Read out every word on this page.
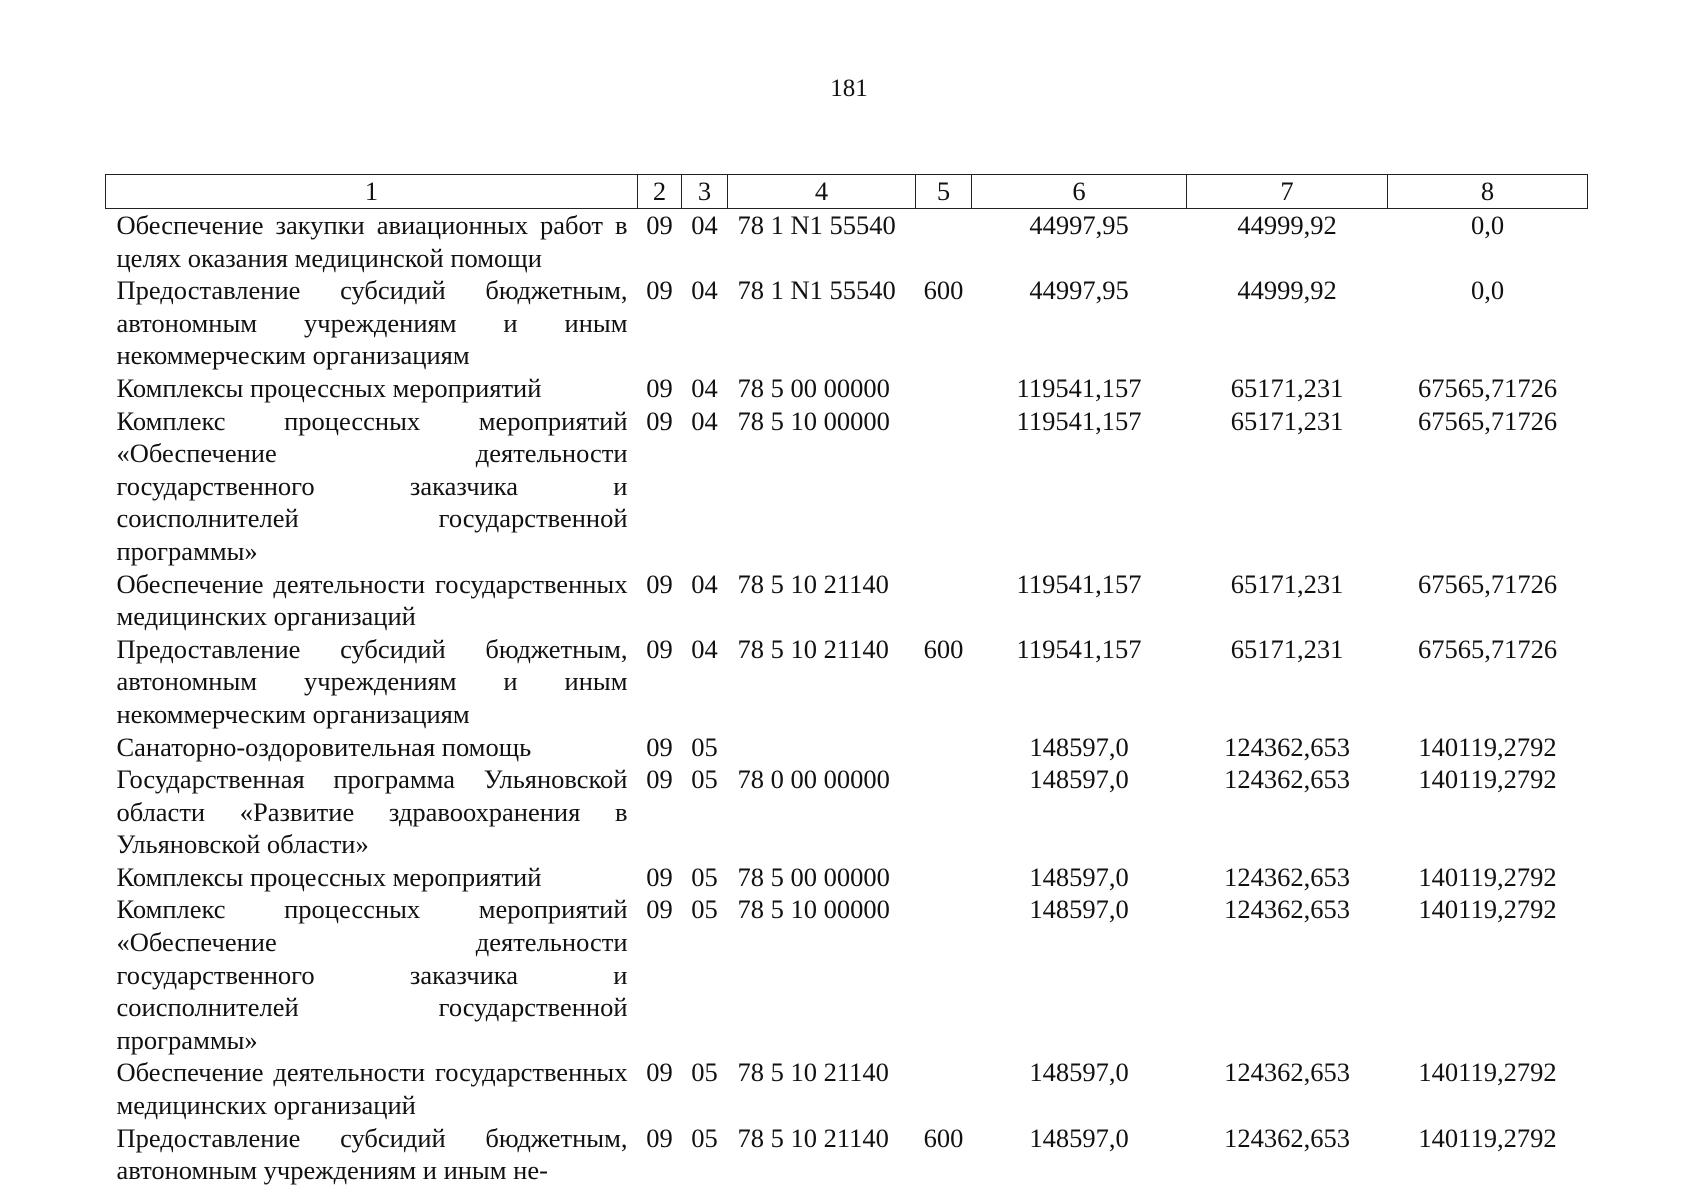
181
1	2	3	4	5	6	7	8
Обеспечение закупки авиационных работ в целях оказания медицинской помощи	09	04	78 1 N1 55540		44997,95	44999,92	0,0
Предоставление субсидий бюджетным, автономным учреждениям и иным некоммерческим организациям	09	04	78 1 N1 55540	600	44997,95	44999,92	0,0
Комплексы процессных мероприятий	09	04	78 5 00 00000		119541,157	65171,231	67565,71726
Комплекс процессных мероприятий «Обеспечение деятельности государственного заказчика и соисполнителей государственной программы»	09	04	78 5 10 00000		119541,157	65171,231	67565,71726
Обеспечение деятельности государственных медицинских организаций	09	04	78 5 10 21140		119541,157	65171,231	67565,71726
Предоставление субсидий бюджетным, автономным учреждениям и иным некоммерческим организациям	09	04	78 5 10 21140	600	119541,157	65171,231	67565,71726
Санаторно-оздоровительная помощь	09	05			148597,0	124362,653	140119,2792
Государственная программа Ульяновской области «Развитие здравоохранения в Ульяновской области»	09	05	78 0 00 00000		148597,0	124362,653	140119,2792
Комплексы процессных мероприятий	09	05	78 5 00 00000		148597,0	124362,653	140119,2792
Комплекс процессных мероприятий «Обеспечение деятельности государственного заказчика и соисполнителей государственной программы»	09	05	78 5 10 00000		148597,0	124362,653	140119,2792
Обеспечение деятельности государственных медицинских организаций	09	05	78 5 10 21140		148597,0	124362,653	140119,2792
Предоставление субсидий бюджетным, автономным учреждениям и иным не-	09	05	78 5 10 21140	600	148597,0	124362,653	140119,2792
